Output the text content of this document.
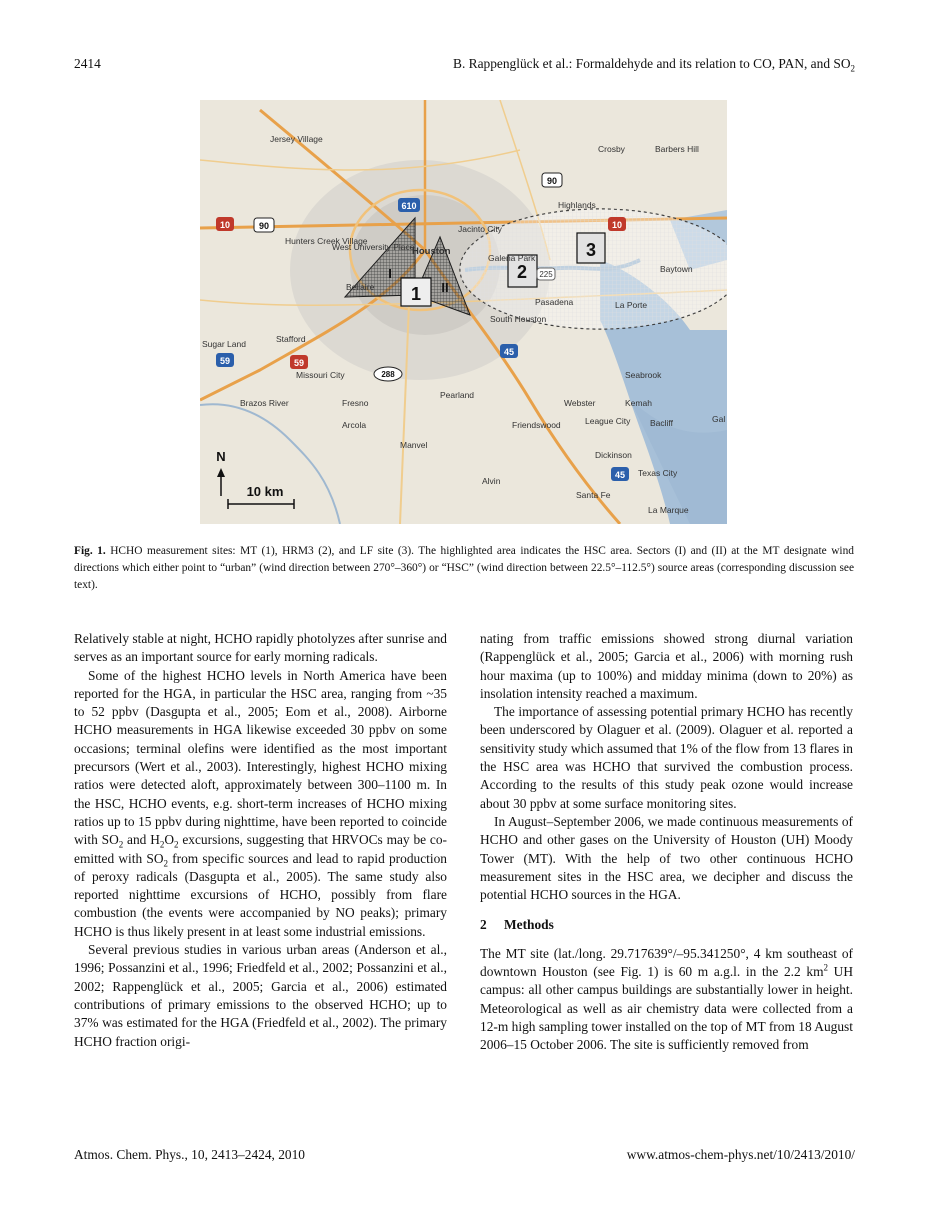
2414	B. Rappenglück et al.: Formaldehyde and its relation to CO, PAN, and $SO_2$
1
2
3
I
II
10	90
610
90
10
59	59
288
45
45
225
Jersey Village
Crosby	Barbers Hill
Highlands
Hunters Creek Village
West University Place
Bellaire
Houston
Jacinto City
Galena Park
Baytown
Pasadena	La Porte
South Houston
Sugar Land	Stafford
Missouri City
Brazos River	Fresno
Arcola
Pearland
Manvel
Alvin
Friendswood
Webster
League City
Seabrook
Kemah
Bacliff
Dickinson
Texas City
Santa Fe
La Marque
Gal
N
10 km
Fig. 1. HCHO measurement sites: MT (1), HRM3 (2), and LF site (3). The highlighted area indicates the HSC area. Sectors (I) and (II) at the MT designate wind directions which either point to “urban” (wind direction between 270°–360°) or “HSC” (wind direction between 22.5°–112.5°) source areas (corresponding discussion see text).

Relatively stable at night, HCHO rapidly photolyzes after sunrise and serves as an important source for early morning radicals.

Some of the highest HCHO levels in North America have been reported for the HGA, in particular the HSC area, ranging from ~35 to 52 ppbv (Dasgupta et al., 2005; Eom et al., 2008). Airborne HCHO measurements in HGA likewise exceeded 30 ppbv on some occasions; terminal olefins were identified as the most important precursors (Wert et al., 2003). Interestingly, highest HCHO mixing ratios were detected aloft, approximately between 300–1100 m. In the HSC, HCHO events, e.g. short-term increases of HCHO mixing ratios up to 15 ppbv during nighttime, have been reported to coincide with $SO_2$ and $H_2O_2$ excursions, suggesting that HRVOCs may be co-emitted with $SO_2$ from specific sources and lead to rapid production of peroxy radicals (Dasgupta et al., 2005). The same study also reported nighttime excursions of HCHO, possibly from flare combustion (the events were accompanied by NO peaks); primary HCHO is thus likely present in at least some industrial emissions.

Several previous studies in various urban areas (Anderson et al., 1996; Possanzini et al., 1996; Friedfeld et al., 2002; Possanzini et al., 2002; Rappenglück et al., 2005; Garcia et al., 2006) estimated contributions of primary emissions to the observed HCHO; up to 37% was estimated for the HGA (Friedfeld et al., 2002). The primary HCHO fraction origi-

nating from traffic emissions showed strong diurnal variation (Rappenglück et al., 2005; Garcia et al., 2006) with morning rush hour maxima (up to 100%) and midday minima (down to 20%) as insolation intensity reached a maximum.

The importance of assessing potential primary HCHO has recently been underscored by Olaguer et al. (2009). Olaguer et al. reported a sensitivity study which assumed that 1% of the flow from 13 flares in the HSC area was HCHO that survived the combustion process. According to the results of this study peak ozone would increase about 30 ppbv at some surface monitoring sites.

In August–September 2006, we made continuous measurements of HCHO and other gases on the University of Houston (UH) Moody Tower (MT). With the help of two other continuous HCHO measurement sites in the HSC area, we decipher and discuss the potential HCHO sources in the HGA.

2 Methods

The MT site (lat./long. 29.717639°/–95.341250°, 4 km southeast of downtown Houston (see Fig. 1) is 60 m a.g.l. in the 2.2 $km^2$ UH campus: all other campus buildings are substantially lower in height. Meteorological as well as air chemistry data were collected from a 12-m high sampling tower installed on the top of MT from 18 August 2006–15 October 2006. The site is sufficiently removed from

Atmos. Chem. Phys., 10, 2413–2424, 2010	www.atmos-chem-phys.net/10/2413/2010/
